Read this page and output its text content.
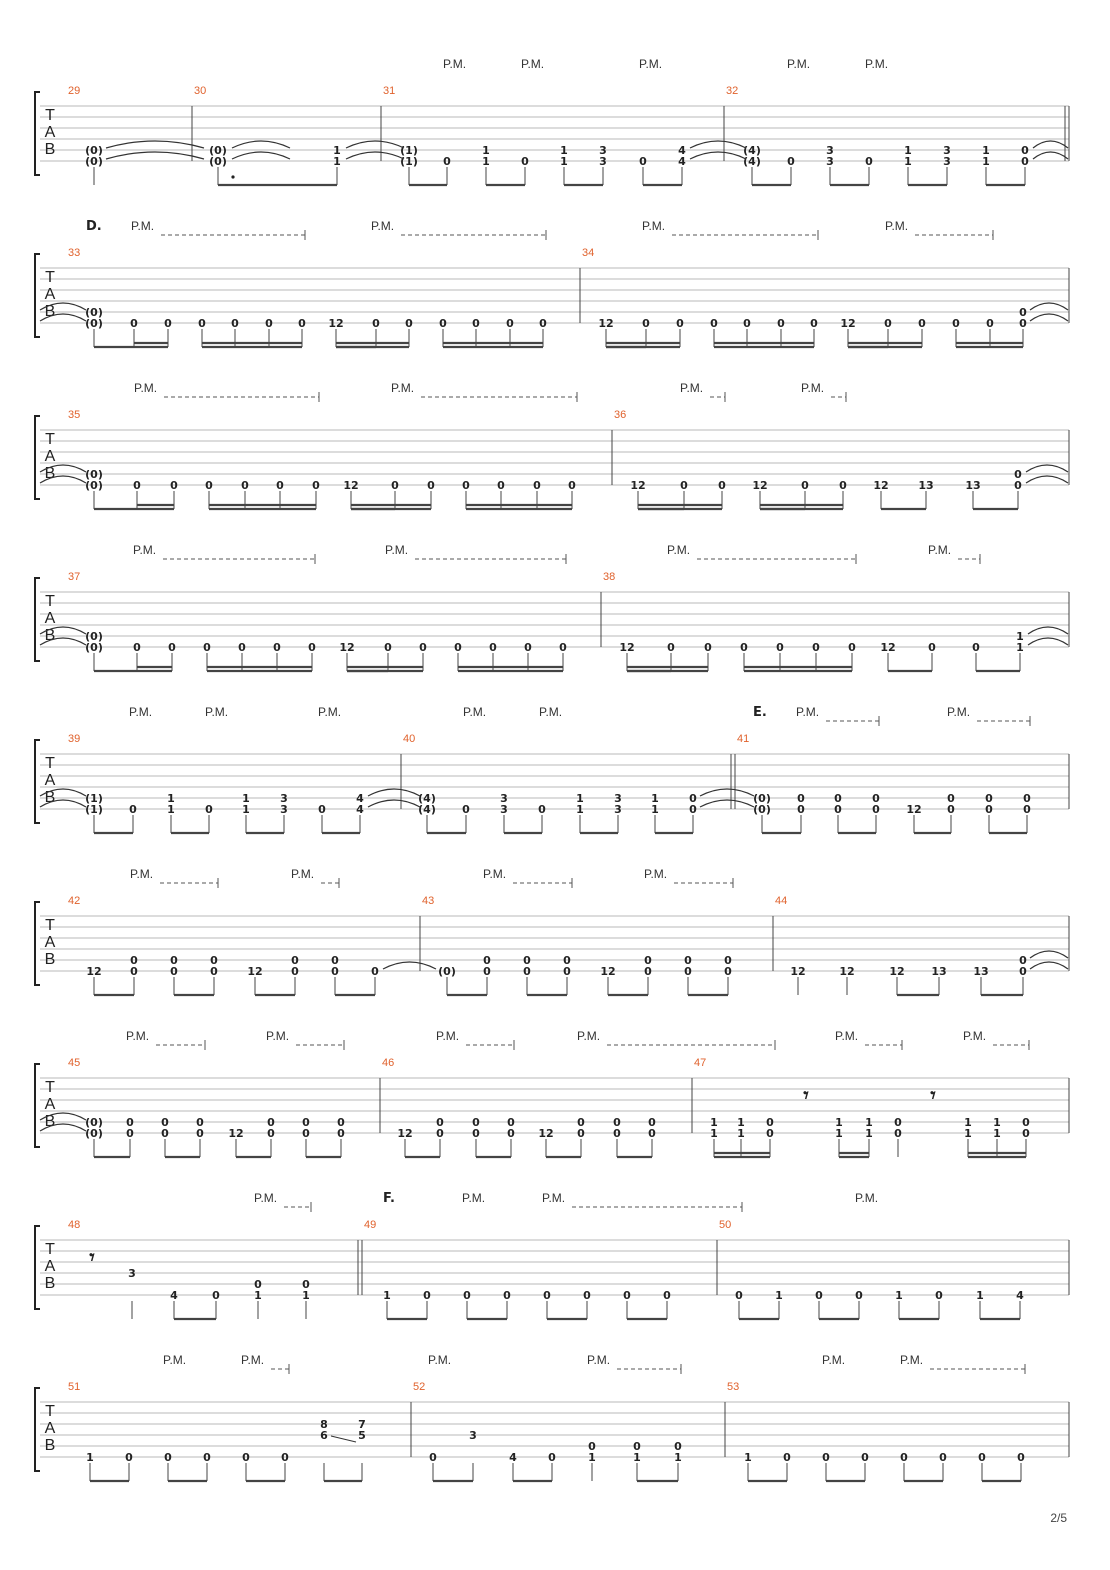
T
A
B
P.M.	P.M.	P.M.	P.M.	P.M.
29
(0)
(0)
30
(0)
(0)
1
1
31
(1)
(1) 0
1
1	0
1
1
3
3	0
4
4
32
(4)
(4) 0
3
3	0
1
1
3
3
1
1
0
0
T
A
B
D. P.M.	P.M.	P.M.	P.M.
33
(0)
(0) 0 0 0 0 0 0 12	0 0 0 0 0 0
34
12	0 0 0 0 0 0 12	0 0 0 0
0
0
T
A
B
P.M.	P.M.	P.M.	P.M.
35
(0)
(0)	0	0 0	0 0	0 12	0	0 0 0	0 0
36
12	0	0 12	0	0 12	13	13
0
0
T
A
B
P.M.	P.M.	P.M.	P.M.
37
(0)
(0)	0 0 0 0 0 0 12	0 0 0 0 0 0
38
12	0	0	0	0	0	0 12	0	0
1
1
T
A
B
E.
P.M.	P.M.	P.M.	P.M.	P.M.	P.M.	P.M.
39
(1)
(1) 0
1
1	0
1
1
3
3	0
4
4
40
(4)
(4) 0
3
3	0
1
1
3
3
1
1
0
0
41
(0)
(0)
0
0
0
0
0
0 12
0
0
0
0
0
0
T
A
B
P.M.	P.M.	P.M.	P.M.
42
12
0
0
0
0
0
0	12
0
0
0
0	0
43
(0)
0
0
0
0
0
0	12
0
0
0
0
0
0
44
12	12	12 13 13
0
0
T
A
B
P.M.	P.M.	P.M.	P.M.	P.M.	P.M.
45
(0)
(0)
0
0
0
0
0
0 12
0
0
0
0
0
0
46
12
0
0
0
0
0
0 12
0
0
0
0
0
0
47
1
1
1
1
0
0
1
1
1
1
0
0
1
1
1
1
0
0
T
A
B
F.
P.M.	P.M.	P.M.	P.M.
48
3
4	0
0
1
0
1
49
1	0	0	0	0	0	0	0
50
0	1	0	0	1	0	1	4
T
A
B
P.M.	P.M.	P.M.	P.M.	P.M.	P.M.
51
1	0	0	0	0	0
8
6
7
5
52
0
3
4	0
0
1
0
1
0
1
53
1	0	0	0	0	0	0	0
𝄾	𝄾
𝄾
2/5
